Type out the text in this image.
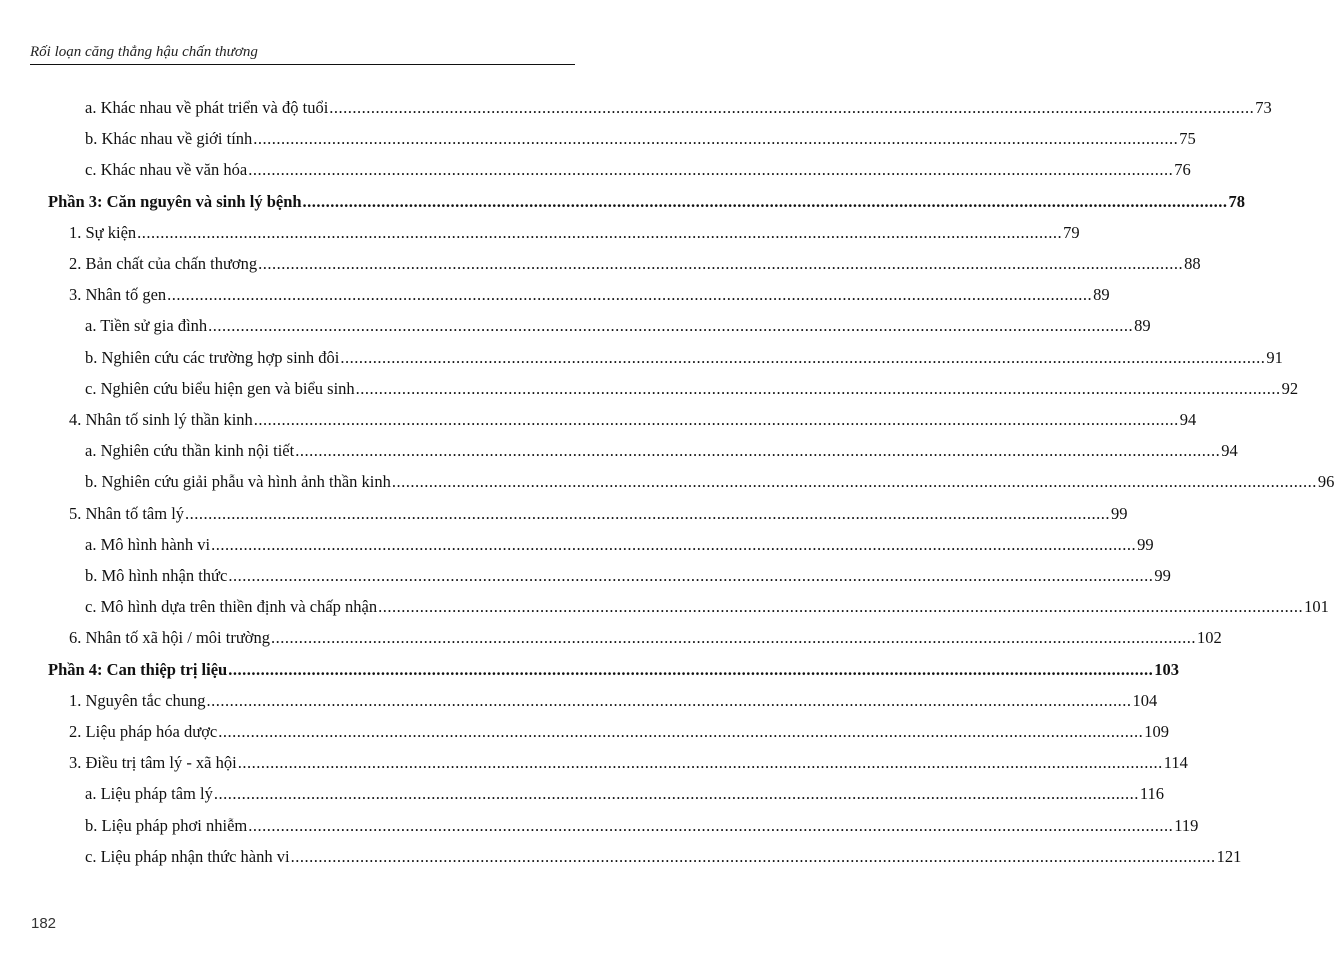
Rối loạn căng thẳng hậu chấn thương
a. Khác nhau về phát triển và độ tuổi ........................................................................................................................................................................................................ 73
b. Khác nhau về giới tính ........................................................................................................................................................................................................ 75
c. Khác nhau về văn hóa ........................................................................................................................................................................................................ 76
Phần 3: Căn nguyên và sinh lý bệnh ........................................................................................................................................................................................................ 78
1. Sự kiện ........................................................................................................................................................................................................ 79
2. Bản chất của chấn thương ........................................................................................................................................................................................................ 88
3. Nhân tố gen ........................................................................................................................................................................................................ 89
a. Tiền sử gia đình ........................................................................................................................................................................................................ 89
b. Nghiên cứu các trường hợp sinh đôi ........................................................................................................................................................................................................ 91
c. Nghiên cứu biểu hiện gen và biểu sinh ........................................................................................................................................................................................................ 92
4. Nhân tố sinh lý thần kinh ........................................................................................................................................................................................................ 94
a. Nghiên cứu thần kinh nội tiết ........................................................................................................................................................................................................ 94
b. Nghiên cứu giải phẫu và hình ảnh thần kinh ........................................................................................................................................................................................................ 96
5. Nhân tố tâm lý ........................................................................................................................................................................................................ 99
a. Mô hình hành vi ........................................................................................................................................................................................................ 99
b. Mô hình nhận thức ........................................................................................................................................................................................................ 99
c. Mô hình dựa trên thiền định và chấp nhận ........................................................................................................................................................................................................ 101
6. Nhân tố xã hội / môi trường ........................................................................................................................................................................................................ 102
Phần 4: Can thiệp trị liệu ........................................................................................................................................................................................................ 103
1. Nguyên tắc chung ........................................................................................................................................................................................................ 104
2. Liệu pháp hóa dược ........................................................................................................................................................................................................ 109
3. Điều trị tâm lý - xã hội ........................................................................................................................................................................................................ 114
a. Liệu pháp tâm lý ........................................................................................................................................................................................................ 116
b. Liệu pháp phơi nhiễm ........................................................................................................................................................................................................ 119
c. Liệu pháp nhận thức hành vi ........................................................................................................................................................................................................ 121
182
